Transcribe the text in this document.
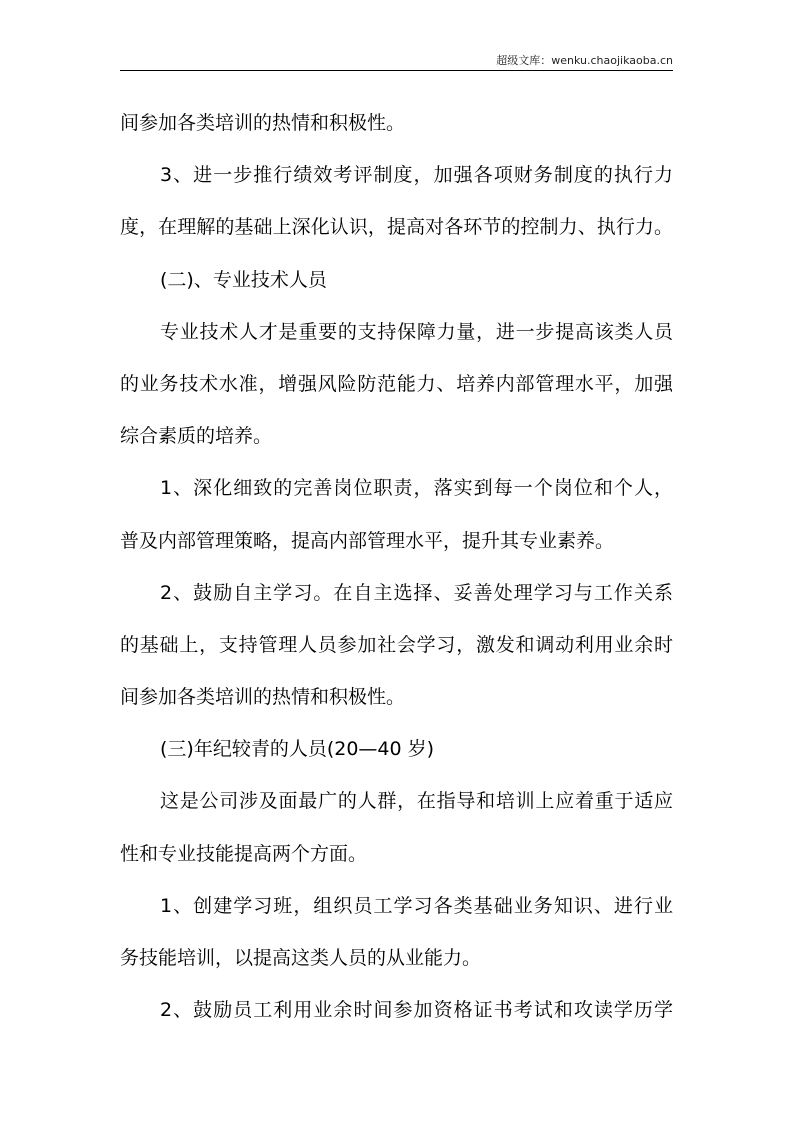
超级文库：wenku.chaojikaoba.cn
间参加各类培训的热情和积极性。
3、进一步推行绩效考评制度，加强各项财务制度的执行力
度，在理解的基础上深化认识，提高对各环节的控制力、执行力。
(二)、专业技术人员
专业技术人才是重要的支持保障力量，进一步提高该类人员
的业务技术水准，增强风险防范能力、培养内部管理水平，加强
综合素质的培养。
1、深化细致的完善岗位职责，落实到每一个岗位和个人，
普及内部管理策略，提高内部管理水平，提升其专业素养。
2、鼓励自主学习。在自主选择、妥善处理学习与工作关系
的基础上，支持管理人员参加社会学习，激发和调动利用业余时
间参加各类培训的热情和积极性。
(三)年纪较青的人员(20—40 岁)
这是公司涉及面最广的人群，在指导和培训上应着重于适应
性和专业技能提高两个方面。
1、创建学习班，组织员工学习各类基础业务知识、进行业
务技能培训，以提高这类人员的从业能力。
2、鼓励员工利用业余时间参加资格证书考试和攻读学历学
